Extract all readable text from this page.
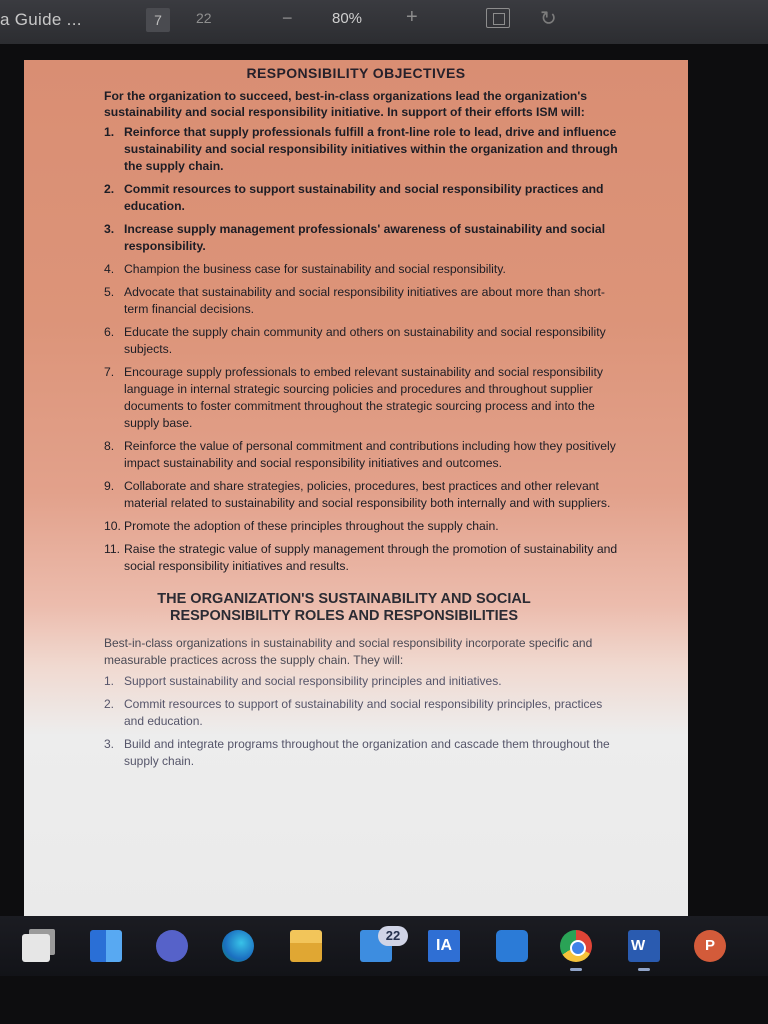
a Guide ...	7	22	−	80% +	↻
RESPONSIBILITY OBJECTIVES

For the organization to succeed, best-in-class organizations lead the organization's sustainability and social responsibility initiative. In support of their efforts ISM will:

1. Reinforce that supply professionals fulfill a front-line role to lead, drive and influence sustainability and social responsibility initiatives within the organization and through the supply chain.
2. Commit resources to support sustainability and social responsibility practices and education.
3. Increase supply management professionals' awareness of sustainability and social responsibility.
4. Champion the business case for sustainability and social responsibility.
5. Advocate that sustainability and social responsibility initiatives are about more than short-term financial decisions.
6. Educate the supply chain community and others on sustainability and social responsibility subjects.
7. Encourage supply professionals to embed relevant sustainability and social responsibility language in internal strategic sourcing policies and procedures and throughout supplier documents to foster commitment throughout the strategic sourcing process and into the supply base.
8. Reinforce the value of personal commitment and contributions including how they positively impact sustainability and social responsibility initiatives and outcomes.
9. Collaborate and share strategies, policies, procedures, best practices and other relevant material related to sustainability and social responsibility both internally and with suppliers.
10. Promote the adoption of these principles throughout the supply chain.
11. Raise the strategic value of supply management through the promotion of sustainability and social responsibility initiatives and results.
THE ORGANIZATION'S SUSTAINABILITY AND SOCIAL RESPONSIBILITY ROLES AND RESPONSIBILITIES

Best-in-class organizations in sustainability and social responsibility incorporate specific and measurable practices across the supply chain. They will:

1. Support sustainability and social responsibility principles and initiatives.
2. Commit resources to support of sustainability and social responsibility principles, practices and education.
3. Build and integrate programs throughout the organization and cascade them throughout the supply chain.
IA	W	P
22
